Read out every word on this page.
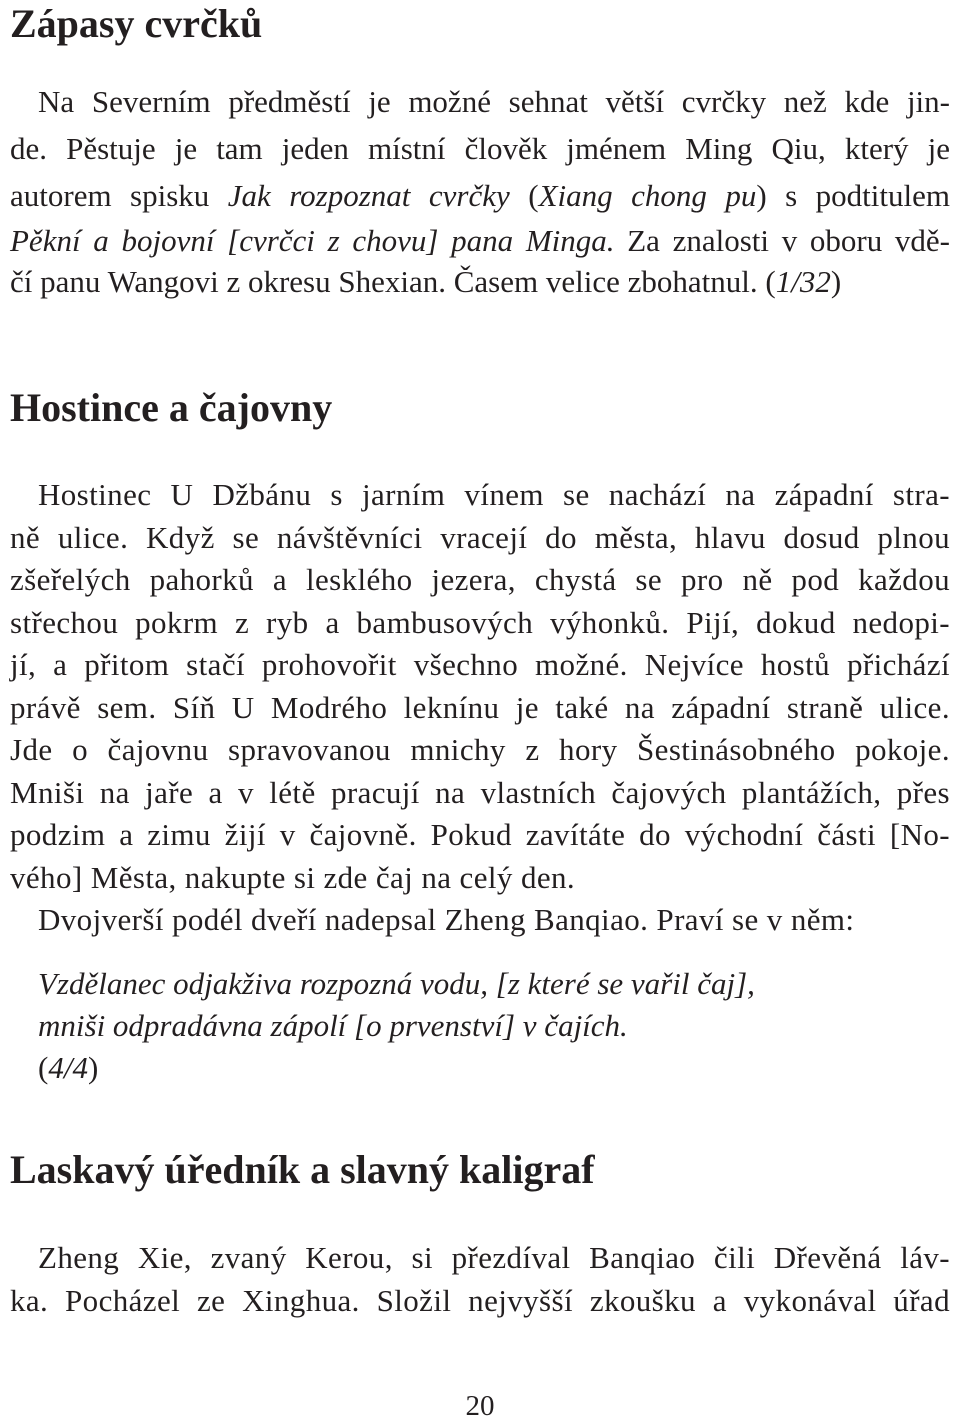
Zápasy cvrčků
Na Severním předměstí je možné sehnat větší cvrčky než kde jin-
de. Pěstuje je tam jeden místní člověk jménem Ming Qiu, který je
autorem spisku Jak rozpoznat cvrčky (Xiang chong pu) s podtitulem
Pěkní a bojovní [cvrčci z chovu] pana Minga. Za znalosti v oboru vdě-
čí panu Wangovi z okresu Shexian. Časem velice zbohatnul. (1/32)
Hostince a čajovny
Hostinec U Džbánu s jarním vínem se nachází na západní stra-
ně ulice. Když se návštěvníci vracejí do města, hlavu dosud plnou
zšeřelých pahorků a lesklého jezera, chystá se pro ně pod každou
střechou pokrm z ryb a bambusových výhonků. Pijí, dokud nedopi-
jí, a přitom stačí prohovořit všechno možné. Nejvíce hostů přichází
právě sem. Síň U Modrého leknínu je také na západní straně ulice.
Jde o čajovnu spravovanou mnichy z hory Šestinásobného pokoje.
Mniši na jaře a v létě pracují na vlastních čajových plantážích, přes
podzim a zimu žijí v čajovně. Pokud zavítáte do východní části [No-
vého] Města, nakupte si zde čaj na celý den.
Dvojverší podél dveří nadepsal Zheng Banqiao. Praví se v něm:
Vzdělanec odjakživa rozpozná vodu, [z které se vařil čaj],
mniši odpradávna zápolí [o prvenství] v čajích.
(4/4)
Laskavý úředník a slavný kaligraf
Zheng Xie, zvaný Kerou, si přezdíval Banqiao čili Dřevěná láv-
ka. Pocházel ze Xinghua. Složil nejvyšší zkoušku a vykonával úřad
20
